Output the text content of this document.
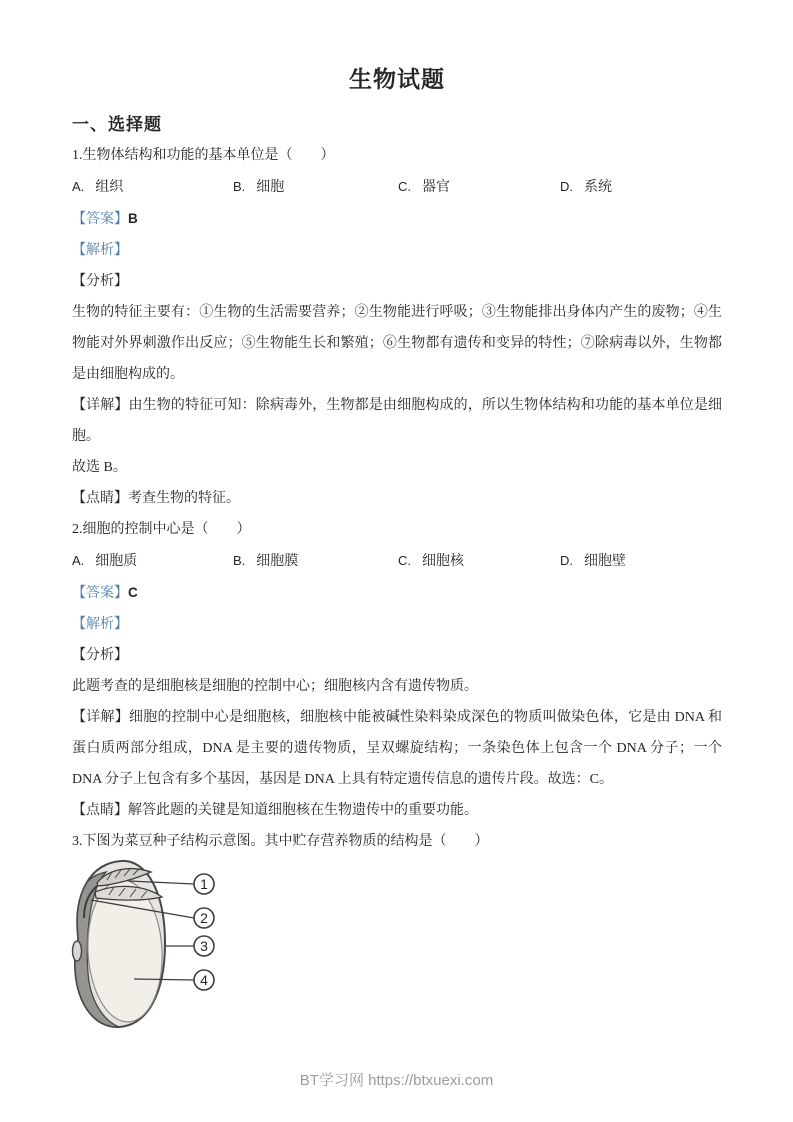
生物试题
一、选择题
1.生物体结构和功能的基本单位是（　　）
A. 组织	B. 细胞	C. 器官	D. 系统
【答案】B
【解析】
【分析】
生物的特征主要有：①生物的生活需要营养；②生物能进行呼吸；③生物能排出身体内产生的废物；④生物能对外界刺激作出反应；⑤生物能生长和繁殖；⑥生物都有遗传和变异的特性；⑦除病毒以外，生物都是由细胞构成的。
【详解】由生物的特征可知：除病毒外，生物都是由细胞构成的，所以生物体结构和功能的基本单位是细胞。
故选 B。
【点睛】考查生物的特征。
2.细胞的控制中心是（　　）
A. 细胞质	B. 细胞膜	C. 细胞核	D. 细胞壁
【答案】C
【解析】
【分析】
此题考查的是细胞核是细胞的控制中心；细胞核内含有遗传物质。
【详解】细胞的控制中心是细胞核，细胞核中能被碱性染料染成深色的物质叫做染色体，它是由 DNA 和蛋白质两部分组成，DNA 是主要的遗传物质，呈双螺旋结构；一条染色体上包含一个 DNA 分子；一个 DNA 分子上包含有多个基因，基因是 DNA 上具有特定遗传信息的遗传片段。故选：C。
【点睛】解答此题的关键是知道细胞核在生物遗传中的重要功能。
3.下图为菜豆种子结构示意图。其中贮存营养物质的结构是（　　）
1
2
3
4
BT学习网 https://btxuexi.com
